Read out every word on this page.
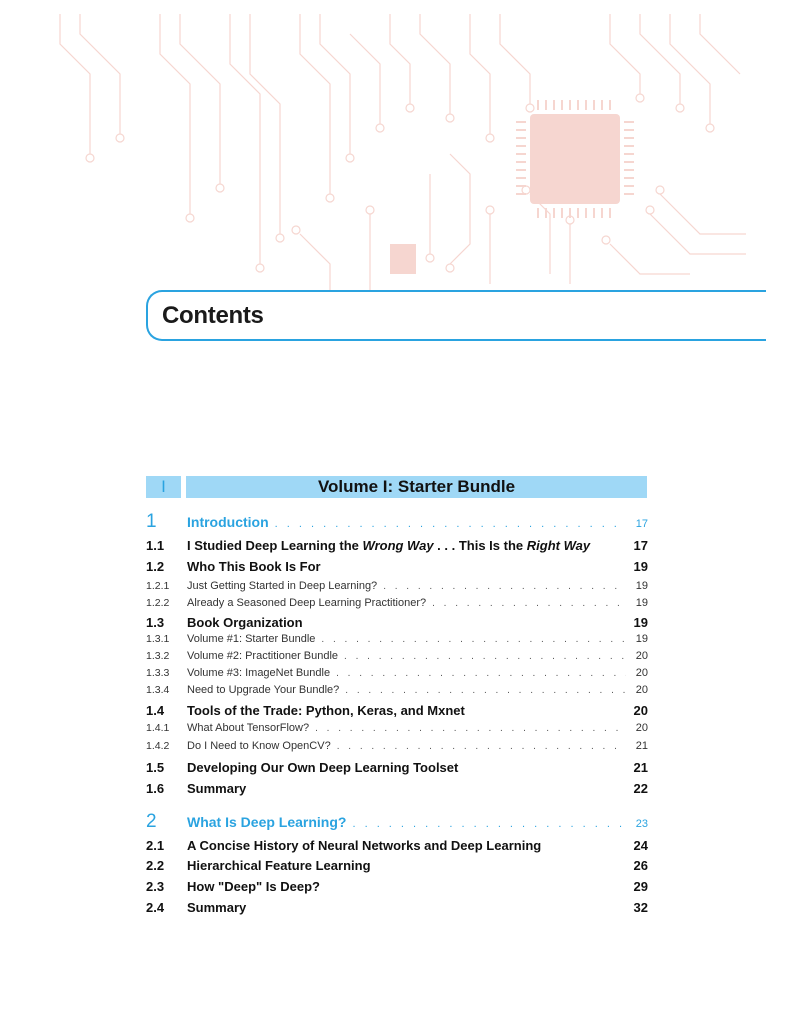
Contents
I	Volume I: Starter Bundle
1	Introduction . . .	17
1.1	I Studied Deep Learning the Wrong Way . . . This Is the Right Way	17
1.2	Who This Book Is For	19
1.2.1	Just Getting Started in Deep Learning? . . .	19
1.2.2	Already a Seasoned Deep Learning Practitioner? . . .	19
1.3	Book Organization	19
1.3.1	Volume #1: Starter Bundle . . .	19
1.3.2	Volume #2: Practitioner Bundle . . .	20
1.3.3	Volume #3: ImageNet Bundle . . .	20
1.3.4	Need to Upgrade Your Bundle? . . .	20
1.4	Tools of the Trade: Python, Keras, and Mxnet	20
1.4.1	What About TensorFlow? . . .	20
1.4.2	Do I Need to Know OpenCV? . . .	21
1.5	Developing Our Own Deep Learning Toolset	21
1.6	Summary	22
2	What Is Deep Learning? . . .	23
2.1	A Concise History of Neural Networks and Deep Learning	24
2.2	Hierarchical Feature Learning	26
2.3	How "Deep" Is Deep?	29
2.4	Summary	32
